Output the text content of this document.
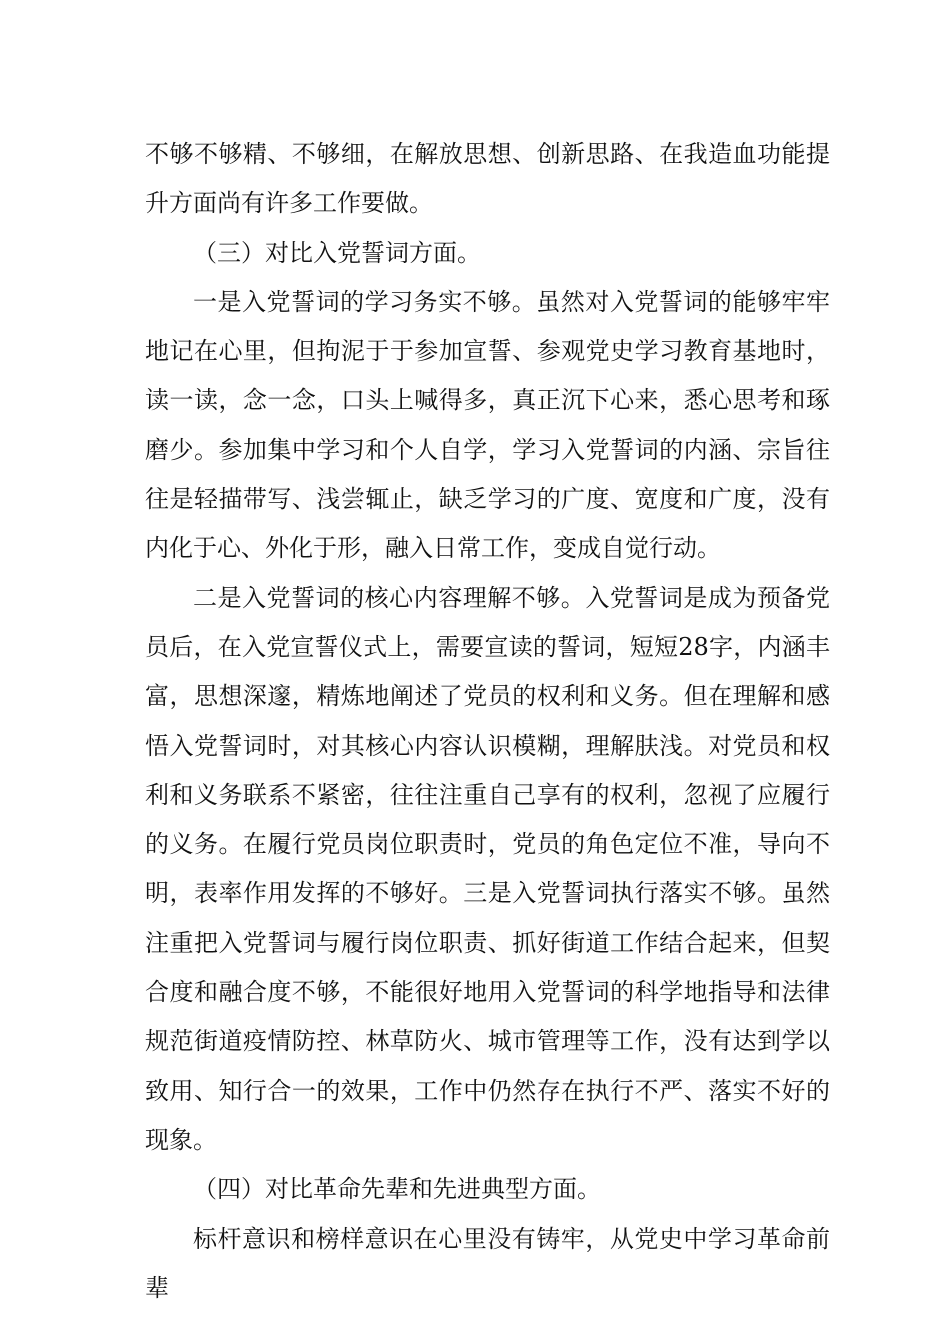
不够不够精、不够细，在解放思想、创新思路、在我造血功能提升方面尚有许多工作要做。

（三）对比入党誓词方面。

一是入党誓词的学习务实不够。虽然对入党誓词的能够牢牢地记在心里，但拘泥于于参加宣誓、参观党史学习教育基地时，读一读，念一念，口头上喊得多，真正沉下心来，悉心思考和琢磨少。参加集中学习和个人自学，学习入党誓词的内涵、宗旨往往是轻描带写、浅尝辄止，缺乏学习的广度、宽度和广度，没有内化于心、外化于形，融入日常工作，变成自觉行动。

二是入党誓词的核心内容理解不够。入党誓词是成为预备党员后，在入党宣誓仪式上，需要宣读的誓词，短短28字，内涵丰富，思想深邃，精炼地阐述了党员的权利和义务。但在理解和感悟入党誓词时，对其核心内容认识模糊，理解肤浅。对党员和权利和义务联系不紧密，往往注重自己享有的权利，忽视了应履行的义务。在履行党员岗位职责时，党员的角色定位不准，导向不明，表率作用发挥的不够好。三是入党誓词执行落实不够。虽然注重把入党誓词与履行岗位职责、抓好街道工作结合起来，但契合度和融合度不够，不能很好地用入党誓词的科学地指导和法律规范街道疫情防控、林草防火、城市管理等工作，没有达到学以致用、知行合一的效果，工作中仍然存在执行不严、落实不好的现象。

（四）对比革命先辈和先进典型方面。

标杆意识和榜样意识在心里没有铸牢，从党史中学习革命前辈
